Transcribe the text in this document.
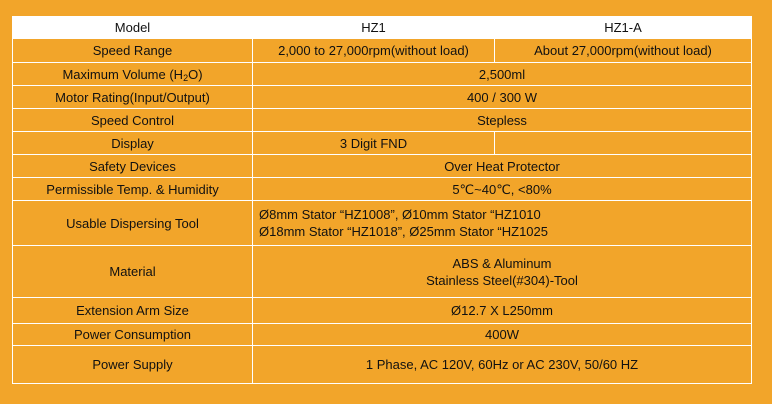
Model	HZ1	HZ1-A
Speed Range	2,000 to 27,000rpm(without load)	About 27,000rpm(without load)
Maximum Volume $(H_2O)$	2,500ml	
Motor Rating(Input/Output)	400 / 300 W	
Speed Control	Stepless	
Display	3 Digit FND	
Safety Devices	Over Heat Protector	
Permissible Temp. & Humidity	5℃~40℃, <80%	
Usable Dispersing Tool	Ø8mm Stator “HZ1008”, Ø10mm Stator “HZ1010
Ø18mm Stator “HZ1018”, Ø25mm Stator “HZ1025	

Material	ABS & Aluminum
Stainless Steel(#304)-Tool	

Extension Arm Size	Ø12.7 X L250mm	
Power Consumption	400W	
Power Supply	1 Phase, AC 120V, 60Hz or AC 230V, 50/60 HZ	
